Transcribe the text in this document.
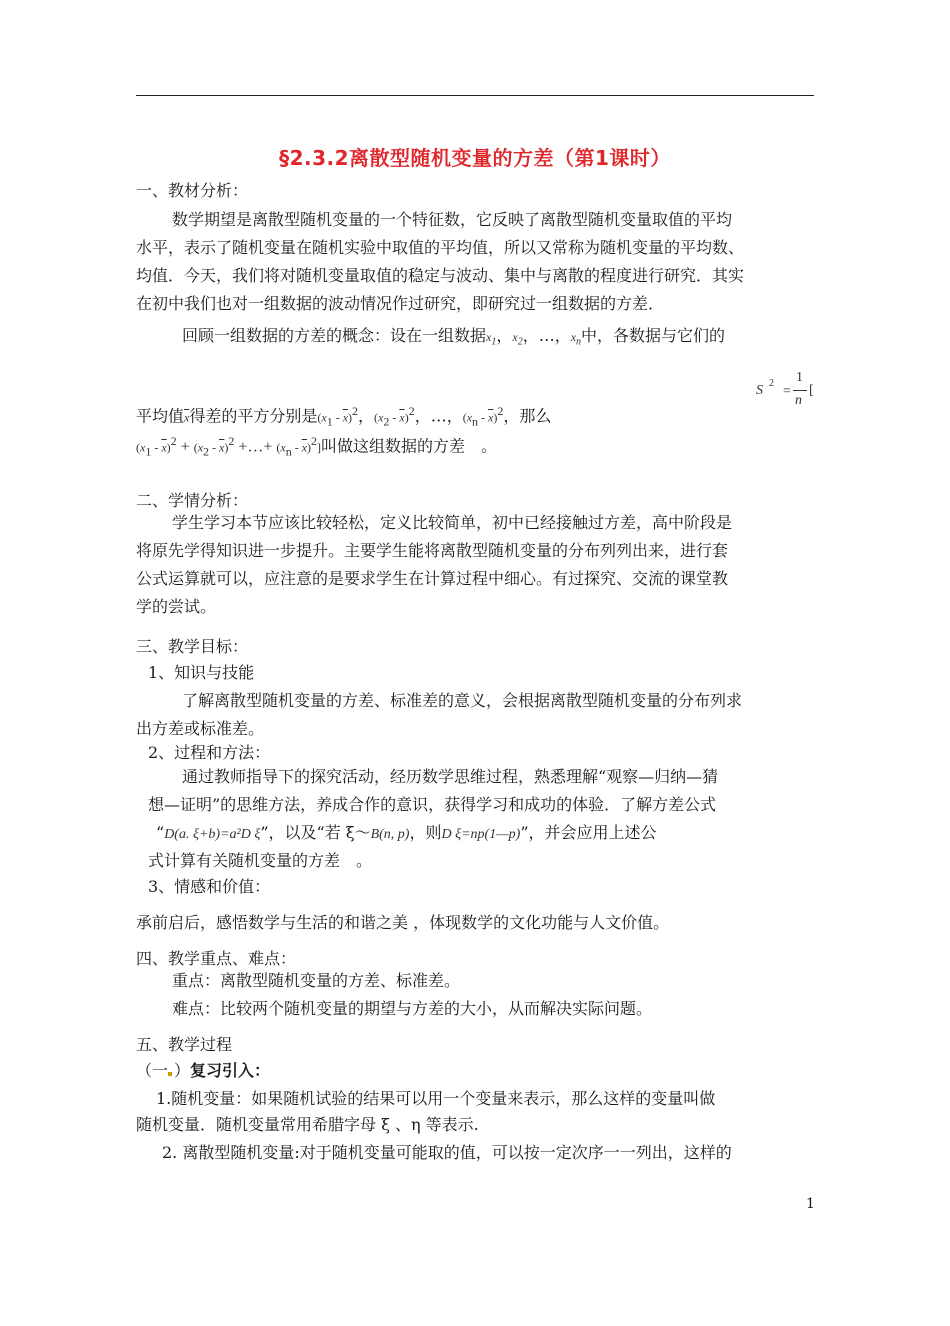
§2.3.2离散型随机变量的方差（第1课时）
一、教材分析：
数学期望是离散型随机变量的一个特征数，它反映了离散型随机变量取值的平均
水平，表示了随机变量在随机实验中取值的平均值，所以又常称为随机变量的平均数、
均值．今天，我们将对随机变量取值的稳定与波动、集中与离散的程度进行研究．其实
在初中我们也对一组数据的波动情况作过研究，即研究过一组数据的方差．
回顾一组数据的方差的概念：设在一组数据$x_1$，$x_2$，…，$x_n$中，各数据与它们的
平均值$\overline{x}$得差的平方分别是$(x_1 - \overline{x})^2$，$(x_2 - \overline{x})^2$，…，$(x_n - \overline{x})^2$，那么
S 2
=
1
n
[
$(x_1 - \overline{x})^2 + (x_2 - \overline{x})^2$ +…+ $(x_n - \overline{x})^2$]叫做这组数据的方差　。
二、学情分析：
学生学习本节应该比较轻松，定义比较简单，初中已经接触过方差，高中阶段是
将原先学得知识进一步提升。主要学生能将离散型随机变量的分布列列出来，进行套
公式运算就可以，应注意的是要求学生在计算过程中细心。有过探究、交流的课堂教
学的尝试。
三、教学目标：
1、知识与技能
了解离散型随机变量的方差、标准差的意义，会根据离散型随机变量的分布列求
出方差或标准差。
2、过程和方法：
通过教师指导下的探究活动，经历数学思维过程，熟悉理解“观察—归纳—猜
想—证明”的思维方法，养成合作的意识，获得学习和成功的体验．了解方差公式
“D(a. ξ+b)=a²D ξ”，以及“若 ξ～B(n, p)，则D ξ=np(1—p)”，并会应用上述公
式计算有关随机变量的方差　。
3、情感和价值：
承前启后，感悟数学与生活的和谐之美 ，体现数学的文化功能与人文价值。
四、教学重点、难点：
重点：离散型随机变量的方差、标准差。
难点：比较两个随机变量的期望与方差的大小，从而解决实际问题。
五、教学过程
（一 ）复习引入：
1.随机变量：如果随机试验的结果可以用一个变量来表示，那么这样的变量叫做
随机变量．随机变量常用希腊字母 ξ 、η 等表示.
2. 离散型随机变量:对于随机变量可能取的值，可以按一定次序一一列出，这样的
1
